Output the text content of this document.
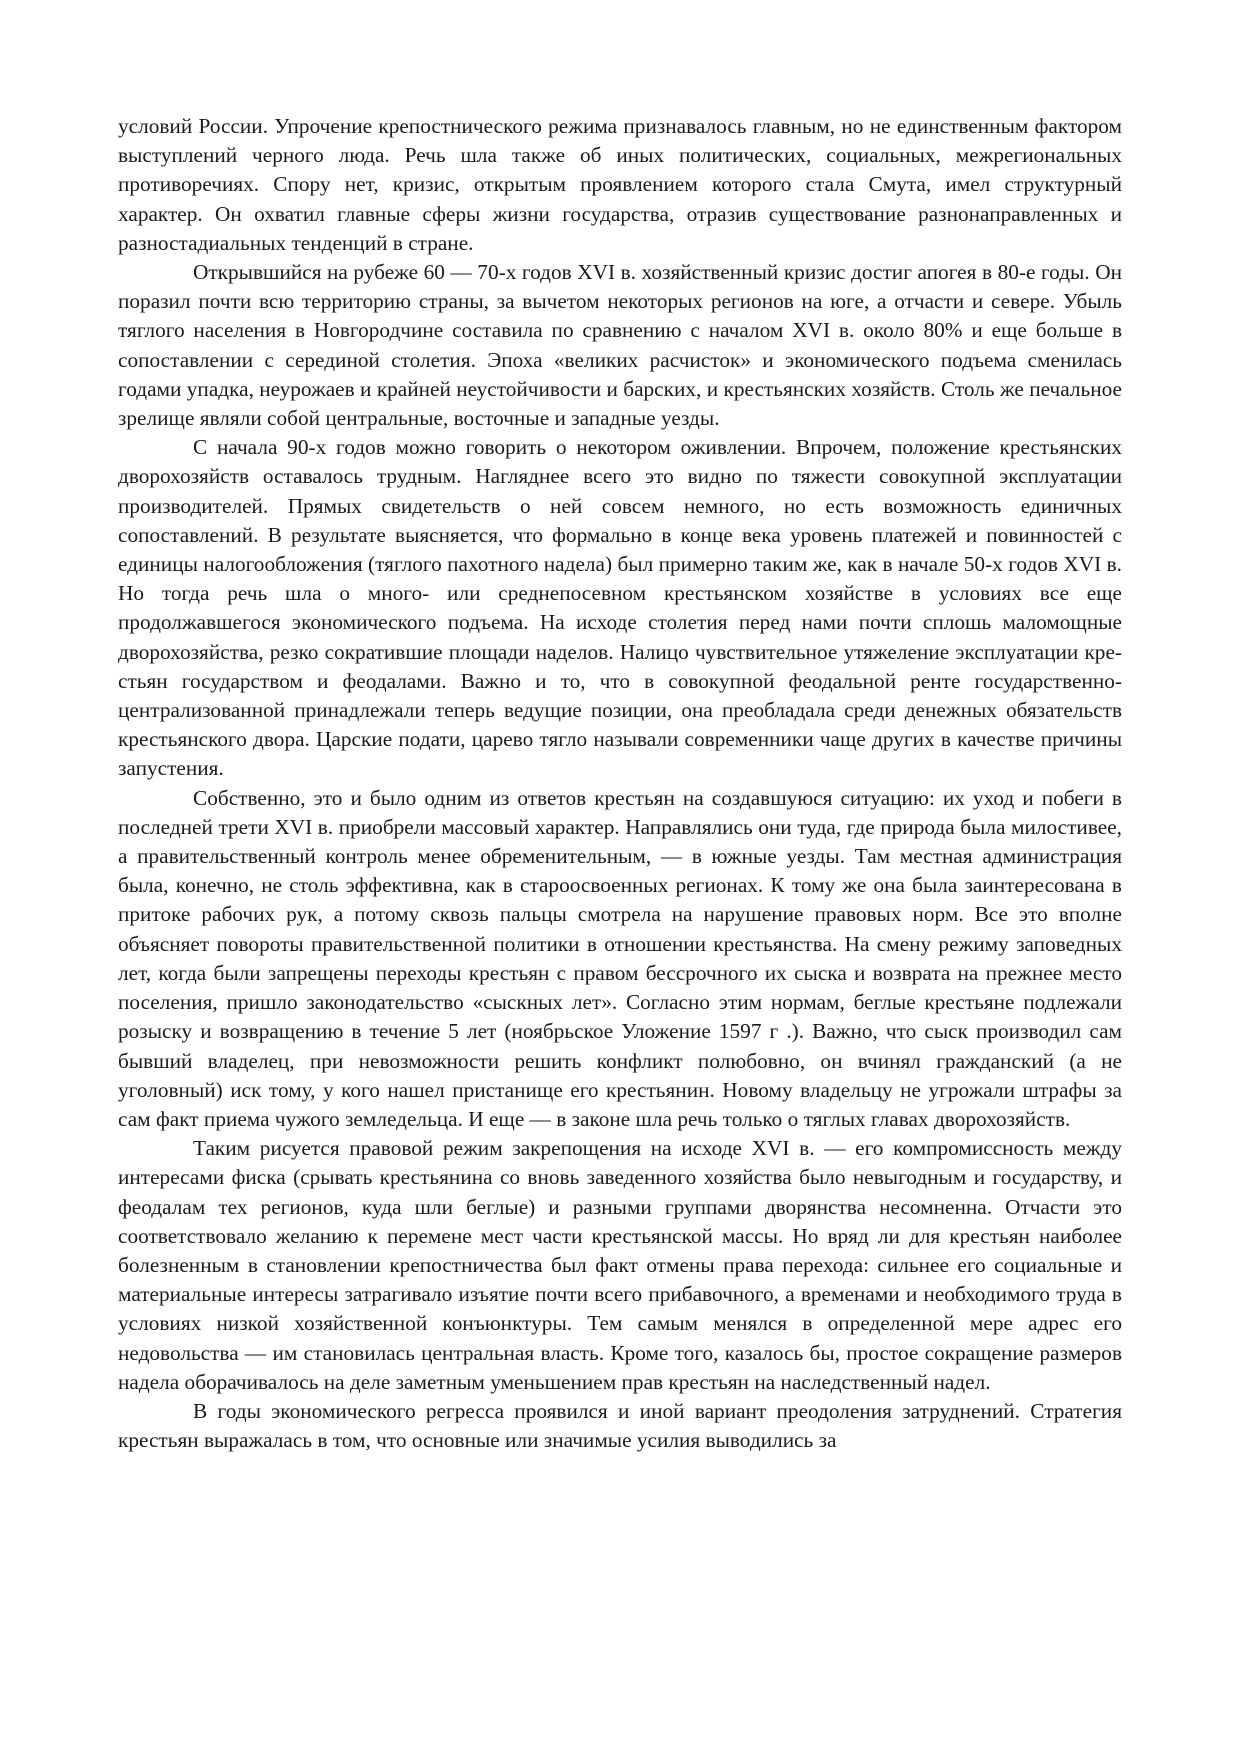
условий России. Упрочение крепостнического режима признавалось главным, но не единственным фактором выступлений черного люда. Речь шла также об иных политических, социальных, межрегиональных противоречиях. Спору нет, кризис, открытым проявлением которого стала Смута, имел структурный характер. Он охватил главные сферы жизни государства, отразив существование разнонаправленных и разностадиальных тенденций в стране.

Открывшийся на рубеже 60 — 70-х годов XVI в. хозяйственный кризис достиг апогея в 80-е годы. Он поразил почти всю территорию страны, за вычетом некоторых регионов на юге, а отчасти и севере. Убыль тяглого населения в Новгородчине составила по сравнению с началом XVI в. около 80% и еще больше в сопоставлении с серединой столетия. Эпоха «великих расчисток» и экономического подъема сменилась годами упадка, неурожаев и крайней неустойчивости и барских, и крестьянских хозяйств. Столь же печальное зрелище являли собой центральные, восточные и западные уезды.

С начала 90-х годов можно говорить о некотором оживлении. Впрочем, положение крестьянских дворохозяйств оставалось трудным. Нагляднее всего это видно по тяжести совокупной эксплуатации производителей. Прямых свидетельств о ней совсем немного, но есть возможность единичных сопоставлений. В результате выясняется, что формально в конце века уровень платежей и повинностей с единицы налогообложения (тяглого пахотного надела) был примерно таким же, как в начале 50-х годов XVI в. Но тогда речь шла о много- или среднепосевном крестьянском хозяйстве в условиях все еще продолжавшегося экономического подъема. На исходе столетия перед нами почти сплошь маломощные дворохозяйства, резко сократившие площади наделов. Налицо чувствительное утяжеление эксплуатации крестьян государством и феодалами. Важно и то, что в совокупной феодальной ренте государственно-централизованной принадлежали теперь ведущие позиции, она преобладала среди денежных обязательств крестьянского двора. Царские подати, царево тягло называли современники чаще других в качестве причины запустения.

Собственно, это и было одним из ответов крестьян на создавшуюся ситуацию: их уход и побеги в последней трети XVI в. приобрели массовый характер. Направлялись они туда, где природа была милостивее, а правительственный контроль менее обременительным, — в южные уезды. Там местная администрация была, конечно, не столь эффективна, как в староосвоенных регионах. К тому же она была заинтересована в притоке рабочих рук, а потому сквозь пальцы смотрела на нарушение правовых норм. Все это вполне объясняет повороты правительственной политики в отношении крестьянства. На смену режиму заповедных лет, когда были запрещены переходы крестьян с правом бессрочного их сыска и возврата на прежнее место поселения, пришло законодательство «сыскных лет». Согласно этим нормам, беглые крестьяне подлежали розыску и возвращению в течение 5 лет (ноябрьское Уложение 1597 г .). Важно, что сыск производил сам бывший владелец, при невозможности решить конфликт полюбовно, он вчинял гражданский (а не уголовный) иск тому, у кого нашел пристанище его крестьянин. Новому владельцу не угрожали штрафы за сам факт приема чужого земледельца. И еще — в законе шла речь только о тяглых главах дворохозяйств.

Таким рисуется правовой режим закрепощения на исходе XVI в. — его компромиссность между интересами фиска (срывать крестьянина со вновь заведенного хозяйства было невыгодным и государству, и феодалам тех регионов, куда шли беглые) и разными группами дворянства несомненна. Отчасти это соответствовало желанию к перемене мест части крестьянской массы. Но вряд ли для крестьян наиболее болезненным в становлении крепостничества был факт отмены права перехода: сильнее его социальные и материальные интересы затрагивало изъятие почти всего прибавочного, а временами и необходимого труда в условиях низкой хозяйственной конъюнктуры. Тем самым менялся в определенной мере адрес его недовольства — им становилась центральная власть. Кроме того, казалось бы, простое сокращение размеров надела оборачивалось на деле заметным уменьшением прав крестьян на наследственный надел.

В годы экономического регресса проявился и иной вариант преодоления затруднений. Стратегия крестьян выражалась в том, что основные или значимые усилия выводились за
